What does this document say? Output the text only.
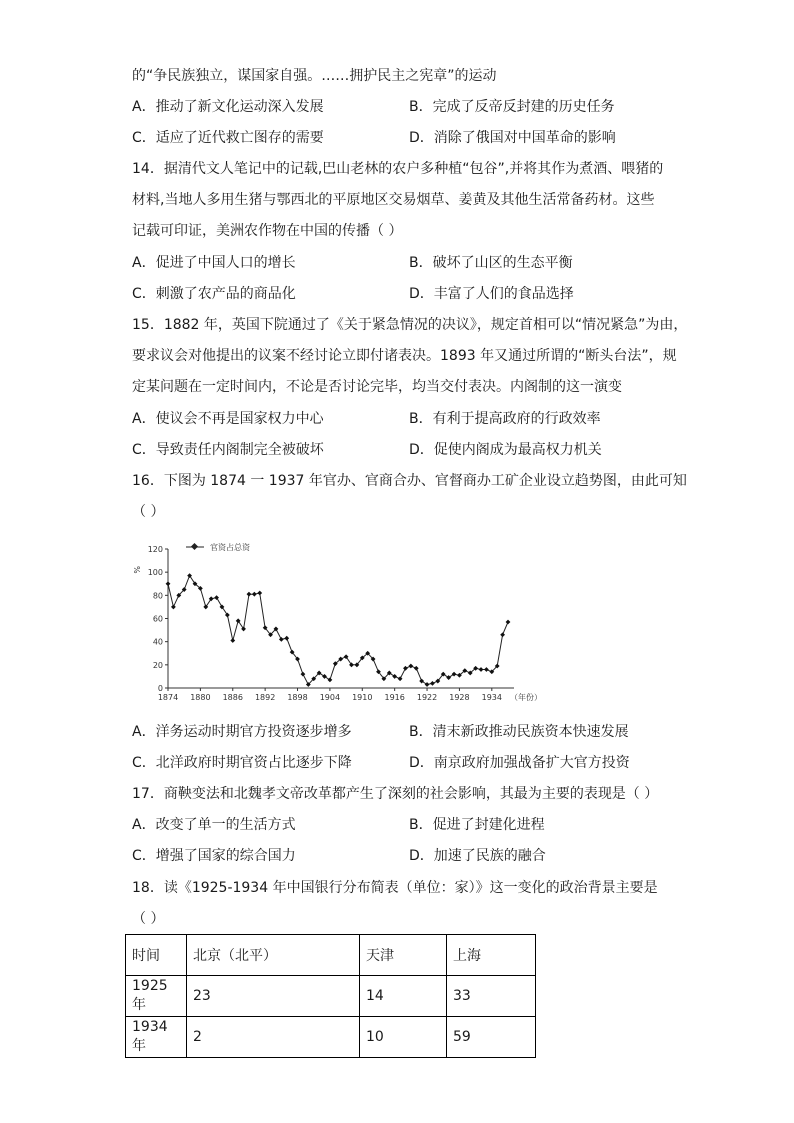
的“争民族独立，谋国家自强。……拥护民主之宪章”的运动
A．推动了新文化运动深入发展	B．完成了反帝反封建的历史任务
C．适应了近代救亡图存的需要	D．消除了俄国对中国革命的影响
14．据清代文人笔记中的记载,巴山老林的农户多种植“包谷”,并将其作为煮酒、喂猪的
材料,当地人多用生猪与鄂西北的平原地区交易烟草、姜黄及其他生活常备药材。这些
记载可印证，美洲农作物在中国的传播（ ）
A．促进了中国人口的增长	B．破坏了山区的生态平衡
C．刺激了农产品的商品化	D．丰富了人们的食品选择
15．1882 年，英国下院通过了《关于紧急情况的决议》，规定首相可以“情况紧急”为由，
要求议会对他提出的议案不经讨论立即付诸表决。1893 年又通过所谓的“断头台法”，规
定某问题在一定时间内，不论是否讨论完毕，均当交付表决。内阁制的这一演变
A．使议会不再是国家权力中心	B．有利于提高政府的行政效率
C．导致责任内阁制完全被破坏	D．促使内阁成为最高权力机关
16．下图为 1874 一 1937 年官办、官商合办、官督商办工矿企业设立趋势图，由此可知
（ ）
%
官资占总资
0
20
40
60
80
100
120
1874 1880 1886 1892 1898 1904 1910 1916 1922 1928 1934 （年份）
A．洋务运动时期官方投资逐步增多	B．清末新政推动民族资本快速发展
C．北洋政府时期官资占比逐步下降	D．南京政府加强战备扩大官方投资
17．商鞅变法和北魏孝文帝改革都产生了深刻的社会影响，其最为主要的表现是（ ）
A．改变了单一的生活方式	B．促进了封建化进程
C．增强了国家的综合国力	D．加速了民族的融合
18．读《1925-1934 年中国银行分布简表（单位：家）》这一变化的政治背景主要是
（ ）
时间	北京（北平）	天津	上海
1925 年	23	14	33
1934 年	2	10	59
